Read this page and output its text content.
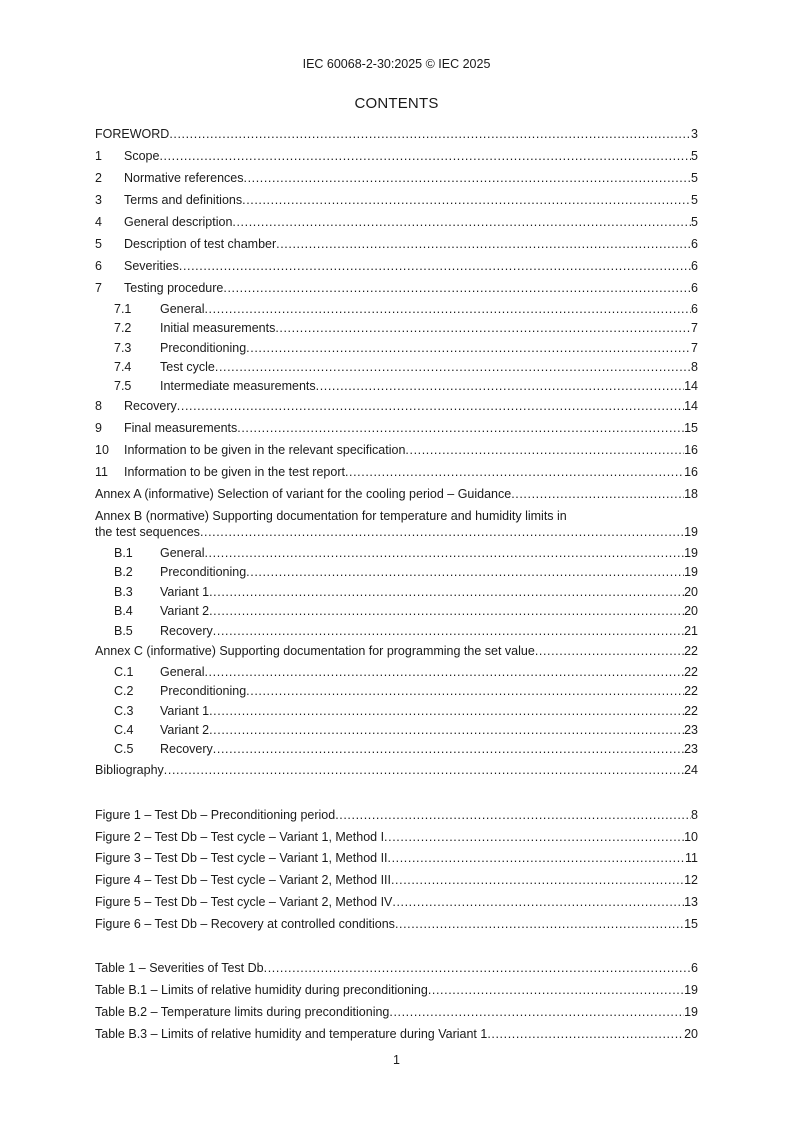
IEC 60068-2-30:2025 © IEC 2025
CONTENTS
FOREWORD .....	3
1	Scope .....	5
2	Normative references .....	5
3	Terms and definitions .....	5
4	General description .....	5
5	Description of test chamber .....	6
6	Severities .....	6
7	Testing procedure .....	6
7.1	General .....	6
7.2	Initial measurements .....	7
7.3	Preconditioning .....	7
7.4	Test cycle .....	8
7.5	Intermediate measurements .....	14
8	Recovery .....	14
9	Final measurements .....	15
10	Information to be given in the relevant specification .....	16
11	Information to be given in the test report .....	16
Annex A (informative) Selection of variant for the cooling period – Guidance .....	18
Annex B (normative) Supporting documentation for temperature and humidity limits in
the test sequences .....	19
B.1	General .....	19
B.2	Preconditioning .....	19
B.3	Variant 1 .....	20
B.4	Variant 2 .....	20
B.5	Recovery .....	21
Annex C (informative) Supporting documentation for programming the set value .....	22
C.1	General .....	22
C.2	Preconditioning .....	22
C.3	Variant 1 .....	22
C.4	Variant 2 .....	23
C.5	Recovery .....	23
Bibliography .....	24
Figure 1 – Test Db – Preconditioning period .....	8
Figure 2 – Test Db – Test cycle – Variant 1, Method I .....	10
Figure 3 – Test Db – Test cycle – Variant 1, Method II .....	11
Figure 4 – Test Db – Test cycle – Variant 2, Method III .....	12
Figure 5 – Test Db – Test cycle – Variant 2, Method IV .....	13
Figure 6 – Test Db – Recovery at controlled conditions .....	15
Table 1 – Severities of Test Db .....	6
Table B.1 – Limits of relative humidity during preconditioning .....	19
Table B.2 – Temperature limits during preconditioning .....	19
Table B.3 – Limits of relative humidity and temperature during Variant 1 .....	20
1
